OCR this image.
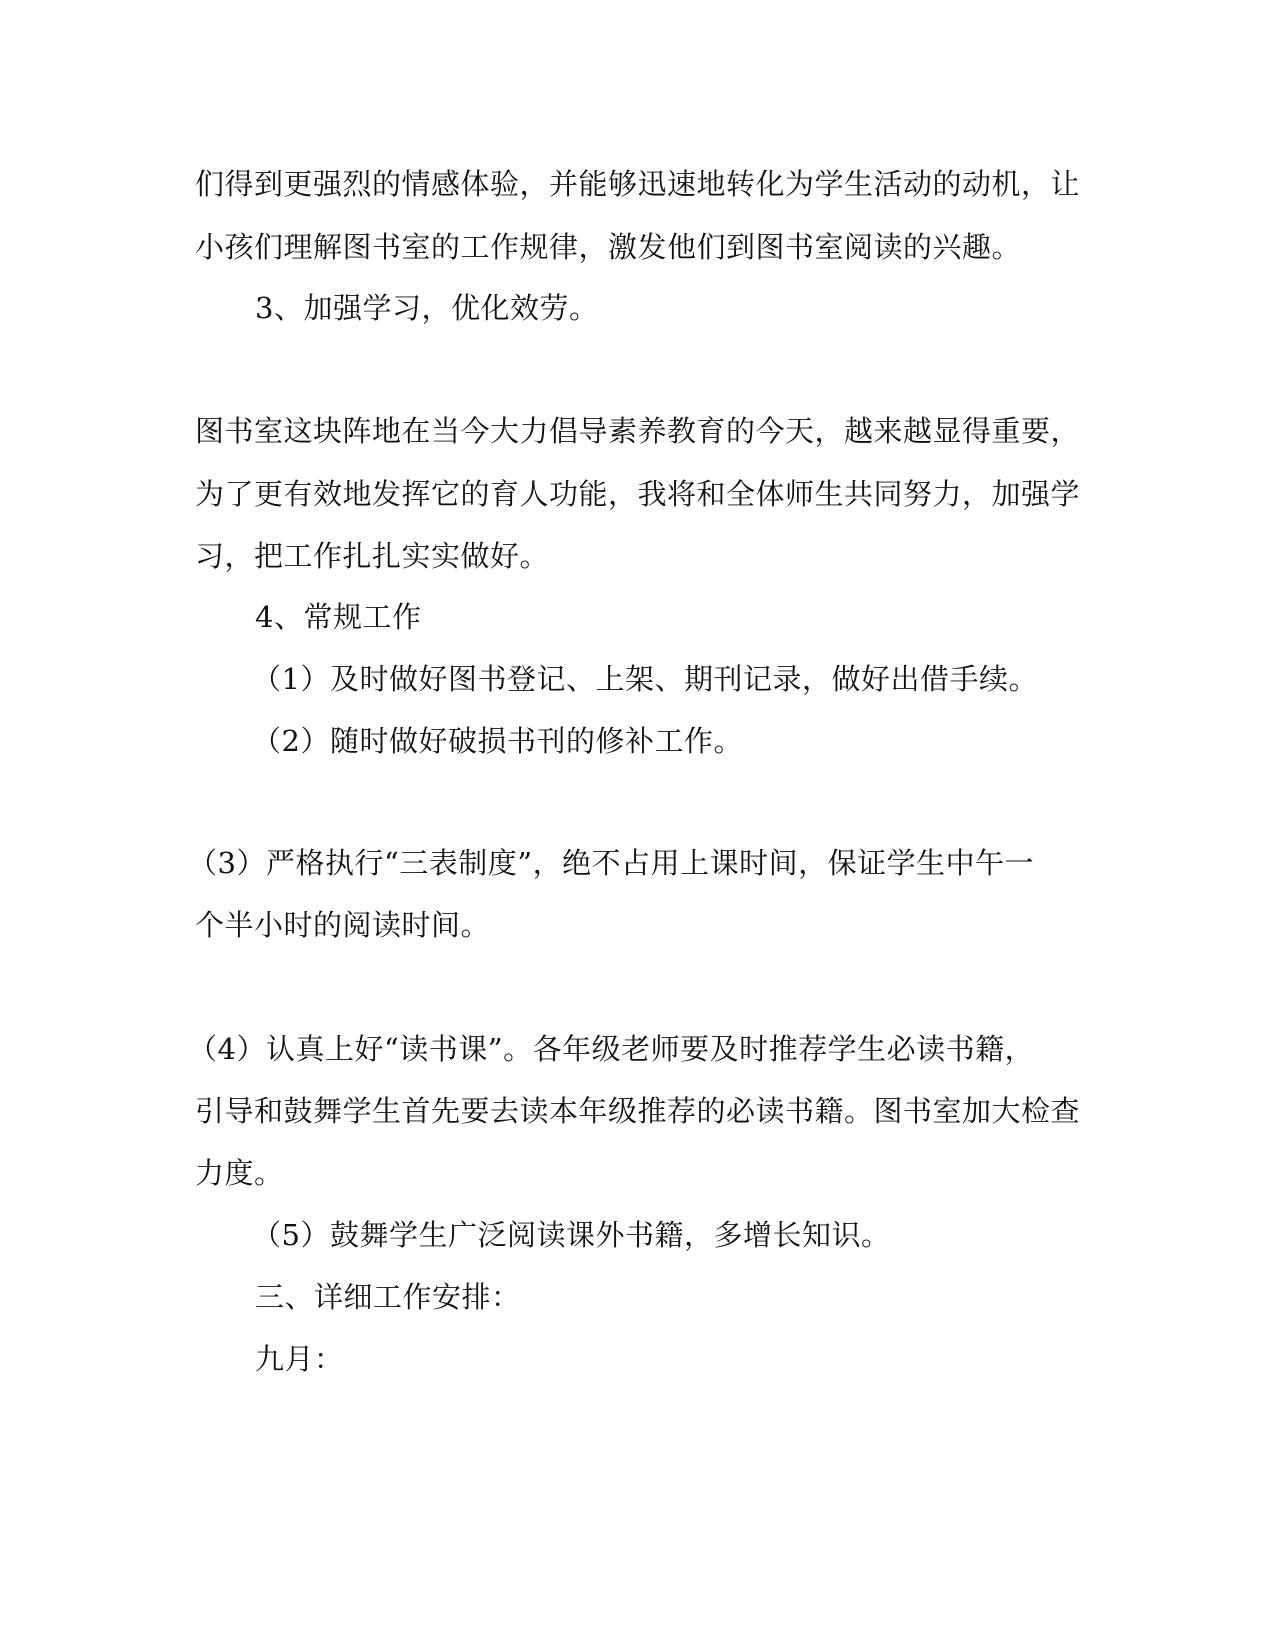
们得到更强烈的情感体验，并能够迅速地转化为学生活动的动机，让
小孩们理解图书室的工作规律，激发他们到图书室阅读的兴趣。
3、加强学习，优化效劳。
图书室这块阵地在当今大力倡导素养教育的今天，越来越显得重要，
为了更有效地发挥它的育人功能，我将和全体师生共同努力，加强学
习，把工作扎扎实实做好。
4、常规工作
（1）及时做好图书登记、上架、期刊记录，做好出借手续。
（2）随时做好破损书刊的修补工作。
（3）严格执行“三表制度”，绝不占用上课时间，保证学生中午一
个半小时的阅读时间。
（4）认真上好“读书课”。各年级老师要及时推荐学生必读书籍，
引导和鼓舞学生首先要去读本年级推荐的必读书籍。图书室加大检查
力度。
（5）鼓舞学生广泛阅读课外书籍，多增长知识。
三、详细工作安排：
九月：
